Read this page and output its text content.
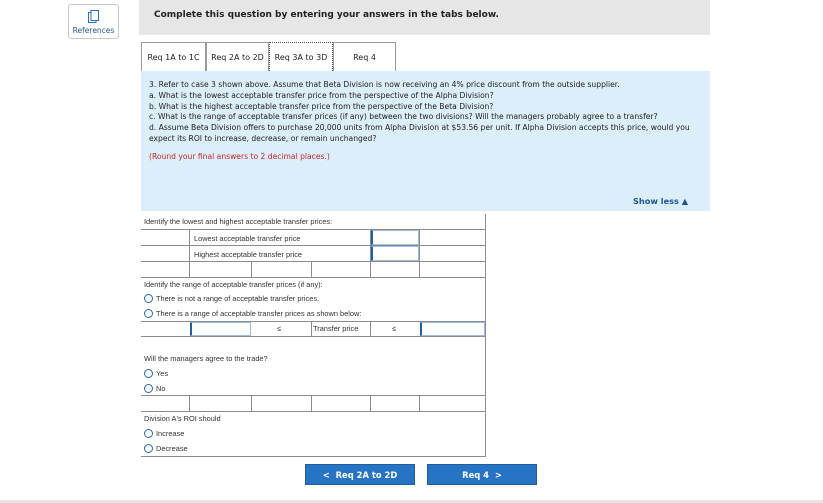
References
Complete this question by entering your answers in the tabs below.
Req 1A to 1C	Req 2A to 2D	Req 3A to 3D	Req 4

3. Refer to case 3 shown above. Assume that Beta Division is now receiving an 4% price discount from the outside supplier.

a. What is the lowest acceptable transfer price from the perspective of the Alpha Division?

b. What is the highest acceptable transfer price from the perspective of the Beta Division?

c. What is the range of acceptable transfer prices (if any) between the two divisions? Will the managers probably agree to a transfer?

d. Assume Beta Division offers to purchase 20,000 units from Alpha Division at $53.56 per unit. If Alpha Division accepts this price, would you expect its ROI to increase, decrease, or remain unchanged?

(Round your final answers to 2 decimal places.)

Show less ▲
Identify the lowest and highest acceptable transfer prices:
Lowest acceptable transfer price
Highest acceptable transfer price
Identify the range of acceptable transfer prices (if any):
There is not a range of acceptable transfer prices.
There is a range of acceptable transfer prices as shown below:
≤	Transfer price	≤
Will the managers agree to the trade?
Yes
No
Division A's ROI should
Increase
Decrease
< Req 2A to 2D	Req 4 >
